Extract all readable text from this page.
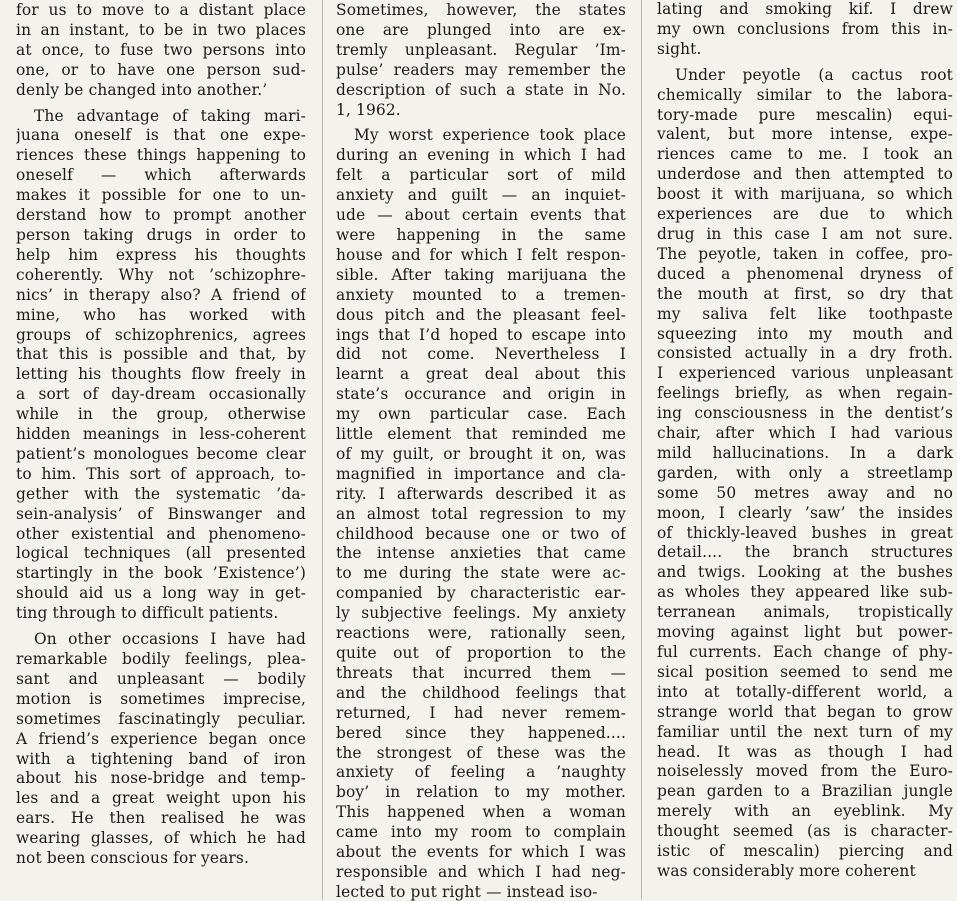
for us to move to a distant place
in an instant, to be in two places
at once, to fuse two persons into
one, or to have one person sud-
denly be changed into another.’
The advantage of taking mari-
juana oneself is that one expe-
riences these things happening to
oneself — which afterwards
makes it possible for one to un-
derstand how to prompt another
person taking drugs in order to
help him express his thoughts
coherently. Why not ’schizophre-
nics’ in therapy also? A friend of
mine, who has worked with
groups of schizophrenics, agrees
that this is possible and that, by
letting his thoughts flow freely in
a sort of day-dream occasionally
while in the group, otherwise
hidden meanings in less-coherent
patient’s monologues become clear
to him. This sort of approach, to-
gether with the systematic ’da-
sein-analysis’ of Binswanger and
other existential and phenomeno-
logical techniques (all presented
startingly in the book ’Existence’)
should aid us a long way in get-
ting through to difficult patients.
On other occasions I have had
remarkable bodily feelings, plea-
sant and unpleasant — bodily
motion is sometimes imprecise,
sometimes fascinatingly peculiar.
A friend’s experience began once
with a tightening band of iron
about his nose-bridge and temp-
les and a great weight upon his
ears. He then realised he was
wearing glasses, of which he had
not been conscious for years.
Sometimes, however, the states
one are plunged into are ex-
tremly unpleasant. Regular ’Im-
pulse’ readers may remember the
description of such a state in No.
1, 1962.
My worst experience took place
during an evening in which I had
felt a particular sort of mild
anxiety and guilt — an inquiet-
ude — about certain events that
were happening in the same
house and for which I felt respon-
sible. After taking marijuana the
anxiety mounted to a tremen-
dous pitch and the pleasant feel-
ings that I’d hoped to escape into
did not come. Nevertheless I
learnt a great deal about this
state’s occurance and origin in
my own particular case. Each
little element that reminded me
of my guilt, or brought it on, was
magnified in importance and cla-
rity. I afterwards described it as
an almost total regression to my
childhood because one or two of
the intense anxieties that came
to me during the state were ac-
companied by characteristic ear-
ly subjective feelings. My anxiety
reactions were, rationally seen,
quite out of proportion to the
threats that incurred them —
and the childhood feelings that
returned, I had never remem-
bered since they happened....
the strongest of these was the
anxiety of feeling a ’naughty
boy’ in relation to my mother.
This happened when a woman
came into my room to complain
about the events for which I was
responsible and which I had neg-
lected to put right — instead iso-
lating and smoking kif. I drew
my own conclusions from this in-
sight.
Under peyotle (a cactus root
chemically similar to the labora-
tory-made pure mescalin) equi-
valent, but more intense, expe-
riences came to me. I took an
underdose and then attempted to
boost it with marijuana, so which
experiences are due to which
drug in this case I am not sure.
The peyotle, taken in coffee, pro-
duced a phenomenal dryness of
the mouth at first, so dry that
my saliva felt like toothpaste
squeezing into my mouth and
consisted actually in a dry froth.
I experienced various unpleasant
feelings briefly, as when regain-
ing consciousness in the dentist’s
chair, after which I had various
mild hallucinations. In a dark
garden, with only a streetlamp
some 50 metres away and no
moon, I clearly ’saw’ the insides
of thickly-leaved bushes in great
detail.... the branch structures
and twigs. Looking at the bushes
as wholes they appeared like sub-
terranean animals, tropistically
moving against light but power-
ful currents. Each change of phy-
sical position seemed to send me
into at totally-different world, a
strange world that began to grow
familiar until the next turn of my
head. It was as though I had
noiselessly moved from the Euro-
pean garden to a Brazilian jungle
merely with an eyeblink. My
thought seemed (as is character-
istic of mescalin) piercing and
was considerably more coherent
